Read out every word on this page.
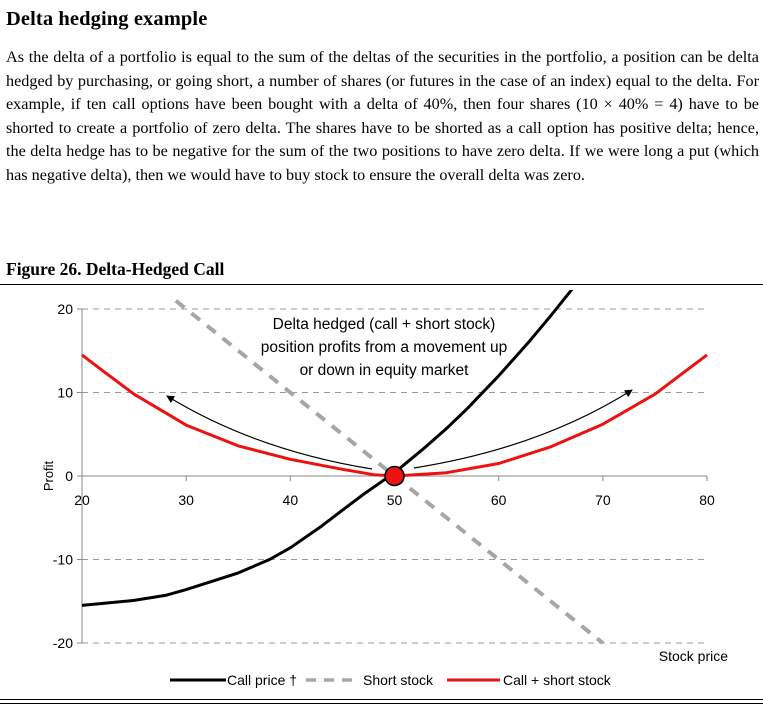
Delta hedging example

As the delta of a portfolio is equal to the sum of the deltas of the securities in the portfolio, a position can be delta hedged by purchasing, or going short, a number of shares (or futures in the case of an index) equal to the delta. For example, if ten call options have been bought with a delta of 40%, then four shares (10 × 40% = 4) have to be shorted to create a portfolio of zero delta. The shares have to be shorted as a call option has positive delta; hence, the delta hedge has to be negative for the sum of the two positions to have zero delta. If we were long a put (which has negative delta), then we would have to buy stock to ensure the overall delta was zero.

Figure 26. Delta-Hedged Call
20
10
0
-10
-20
20	30	40	50	60	70	80
Delta hedged (call + short stock)
position profits from a movement up
or down in equity market
Profit
Stock price
Call price †	Short stock	Call + short stock
